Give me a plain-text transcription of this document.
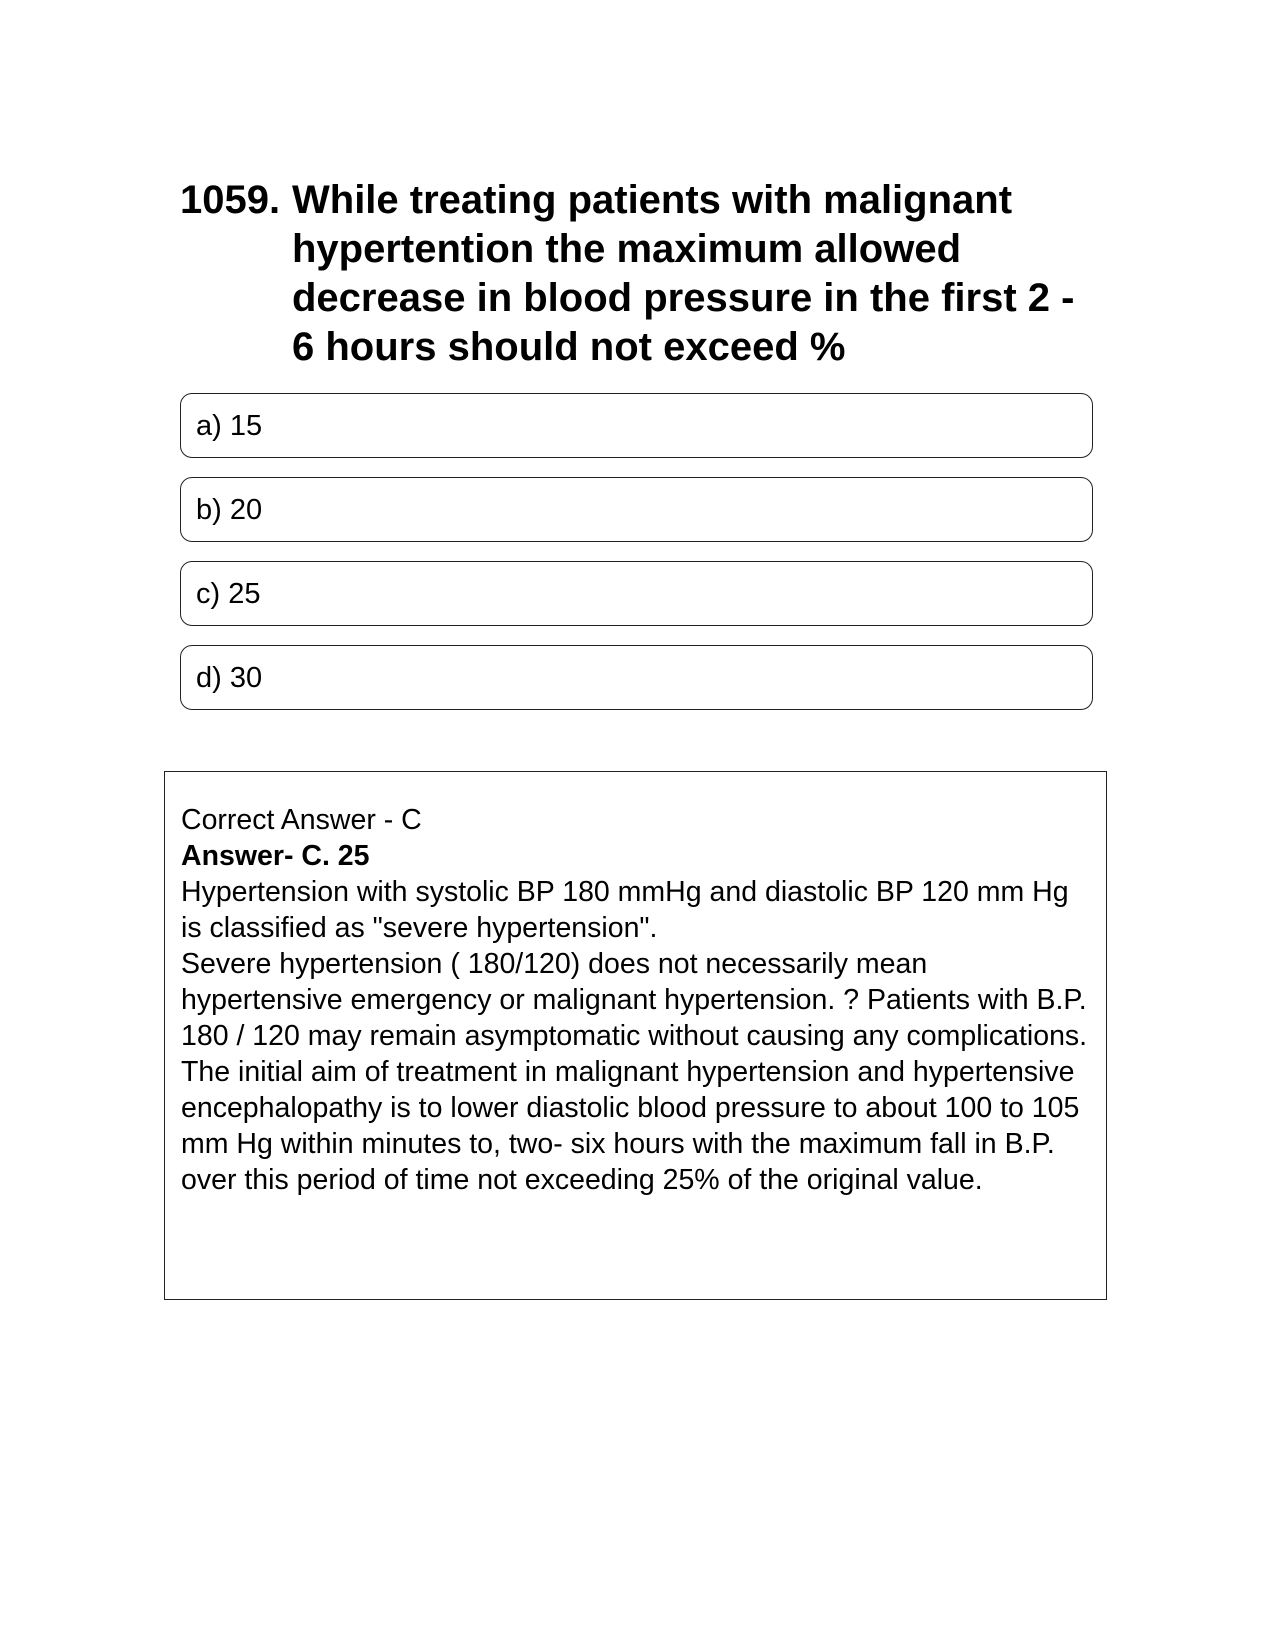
1059. While treating patients with malignant hypertention the maximum allowed decrease in blood pressure in the first 2 - 6 hours should not exceed %
a) 15
b) 20
c) 25
d) 30
Correct Answer - C
Answer- C. 25
Hypertension with systolic BP 180 mmHg and diastolic BP 120 mm Hg is classified as "severe hypertension".
Severe hypertension ( 180/120) does not necessarily mean hypertensive emergency or malignant hypertension. ? Patients with B.P. 180 / 120 may remain asymptomatic without causing any complications.
The initial aim of treatment in malignant hypertension and hypertensive encephalopathy is to lower diastolic blood pressure to about 100 to 105 mm Hg within minutes to, two- six hours with the maximum fall in B.P. over this period of time not exceeding 25% of the original value.
